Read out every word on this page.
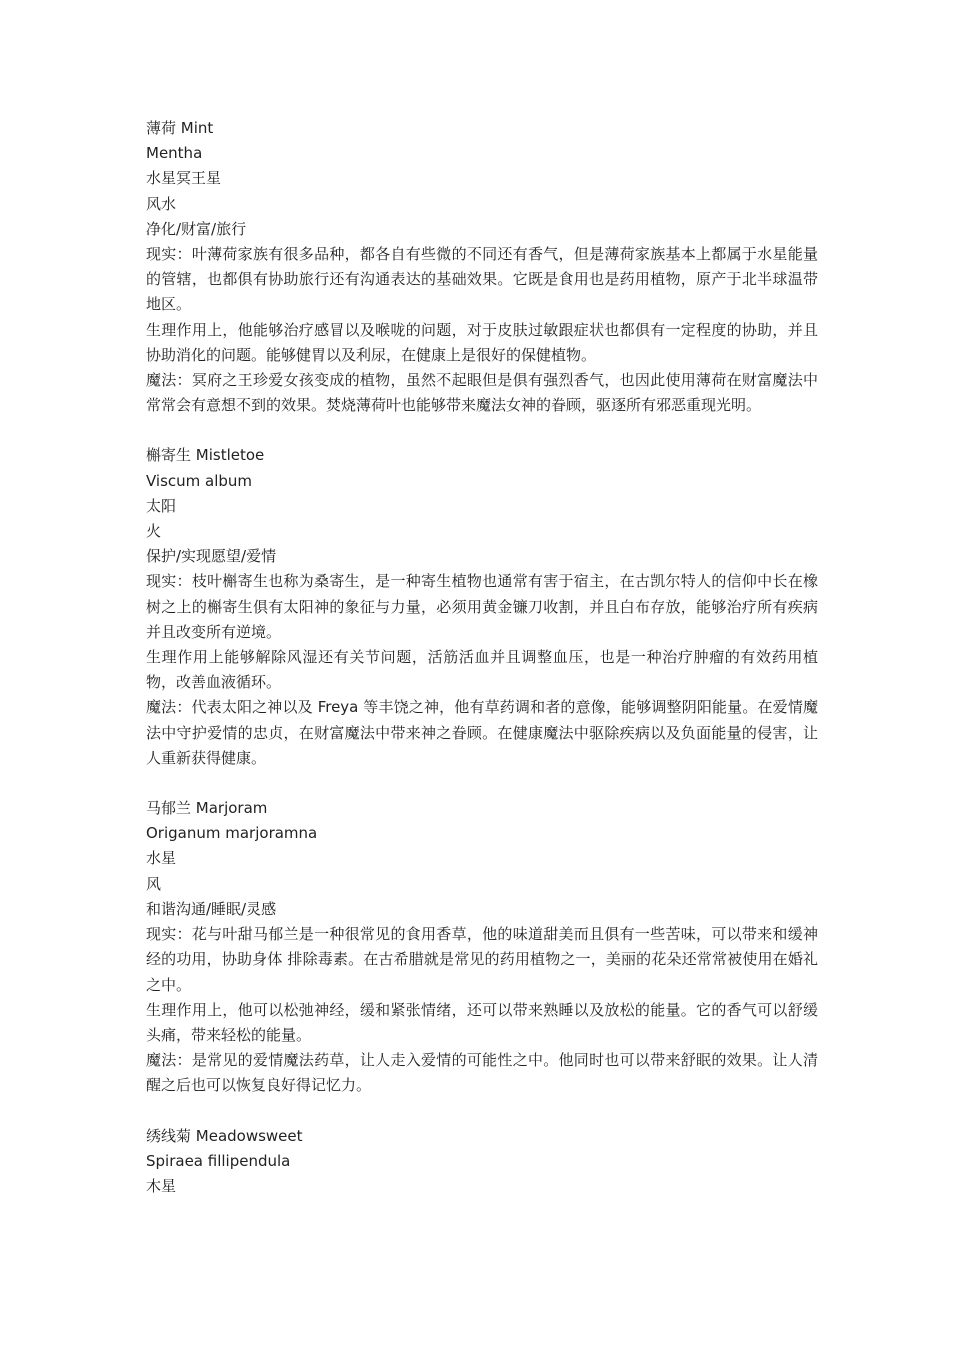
薄荷 Mint
Mentha
水星冥王星
风水
净化/财富/旅行
现实：叶薄荷家族有很多品种，都各自有些微的不同还有香气，但是薄荷家族基本上都属于水星能量的管辖，也都俱有协助旅行还有沟通表达的基础效果。它既是食用也是药用植物，原产于北半球温带地区。
生理作用上，他能够治疗感冒以及喉咙的问题，对于皮肤过敏跟症状也都俱有一定程度的协助，并且协助消化的问题。能够健胃以及利尿，在健康上是很好的保健植物。
魔法：冥府之王珍爱女孩变成的植物，虽然不起眼但是俱有强烈香气，也因此使用薄荷在财富魔法中常常会有意想不到的效果。焚烧薄荷叶也能够带来魔法女神的眷顾，驱逐所有邪恶重现光明。
槲寄生 Mistletoe
Viscum album
太阳
火
保护/实现愿望/爱情
现实：枝叶槲寄生也称为桑寄生，是一种寄生植物也通常有害于宿主，在古凯尔特人的信仰中长在橡树之上的槲寄生俱有太阳神的象征与力量，必须用黄金镰刀收割，并且白布存放，能够治疗所有疾病并且改变所有逆境。
生理作用上能够解除风湿还有关节问题，活筋活血并且调整血压，也是一种治疗肿瘤的有效药用植物，改善血液循环。
魔法：代表太阳之神以及 Freya 等丰饶之神，他有草药调和者的意像，能够调整阴阳能量。在爱情魔法中守护爱情的忠贞，在财富魔法中带来神之眷顾。在健康魔法中驱除疾病以及负面能量的侵害，让人重新获得健康。
马郁兰 Marjoram
Origanum marjoramna
水星
风
和谐沟通/睡眠/灵感
现实：花与叶甜马郁兰是一种很常见的食用香草，他的味道甜美而且俱有一些苦味，可以带来和缓神经的功用，协助身体 排除毒素。在古希腊就是常见的药用植物之一，美丽的花朵还常常被使用在婚礼之中。
生理作用上，他可以松弛神经，缓和紧张情绪，还可以带来熟睡以及放松的能量。它的香气可以舒缓头痛，带来轻松的能量。
魔法：是常见的爱情魔法药草，让人走入爱情的可能性之中。他同时也可以带来舒眠的效果。让人清醒之后也可以恢复良好得记忆力。
绣线菊 Meadowsweet
Spiraea fillipendula
木星
